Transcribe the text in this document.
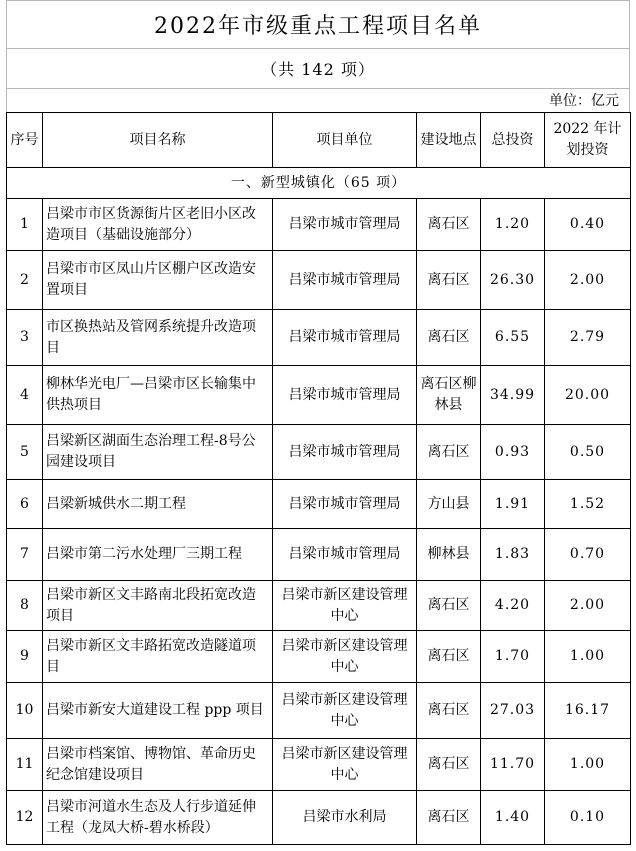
2022年市级重点工程项目名单
（共 142 项）
单位：亿元
序号	项目名称	项目单位	建设地点	总投资	2022 年计划投资
一、新型城镇化（65 项）					
1	吕梁市市区货源街片区老旧小区改造项目（基础设施部分）	吕梁市城市管理局	离石区	1.20	0.40
2	吕梁市市区凤山片区棚户区改造安置项目	吕梁市城市管理局	离石区	26.30	2.00
3	市区换热站及管网系统提升改造项目	吕梁市城市管理局	离石区	6.55	2.79
4	柳林华光电厂—吕梁市区长输集中供热项目	吕梁市城市管理局	离石区柳林县	34.99	20.00
5	吕梁新区湖面生态治理工程-8号公园建设项目	吕梁市城市管理局	离石区	0.93	0.50
6	吕梁新城供水二期工程	吕梁市城市管理局	方山县	1.91	1.52
7	吕梁市第二污水处理厂三期工程	吕梁市城市管理局	柳林县	1.83	0.70
8	吕梁市新区文丰路南北段拓宽改造项目	吕梁市新区建设管理中心	离石区	4.20	2.00
9	吕梁市新区文丰路拓宽改造隧道项目	吕梁市新区建设管理中心	离石区	1.70	1.00
10	吕梁市新安大道建设工程 ppp 项目	吕梁市新区建设管理中心	离石区	27.03	16.17
11	吕梁市档案馆、博物馆、革命历史纪念馆建设项目	吕梁市新区建设管理中心	离石区	11.70	1.00
12	吕梁市河道水生态及人行步道延伸工程（龙凤大桥-碧水桥段）	吕梁市水利局	离石区	1.40	0.10
